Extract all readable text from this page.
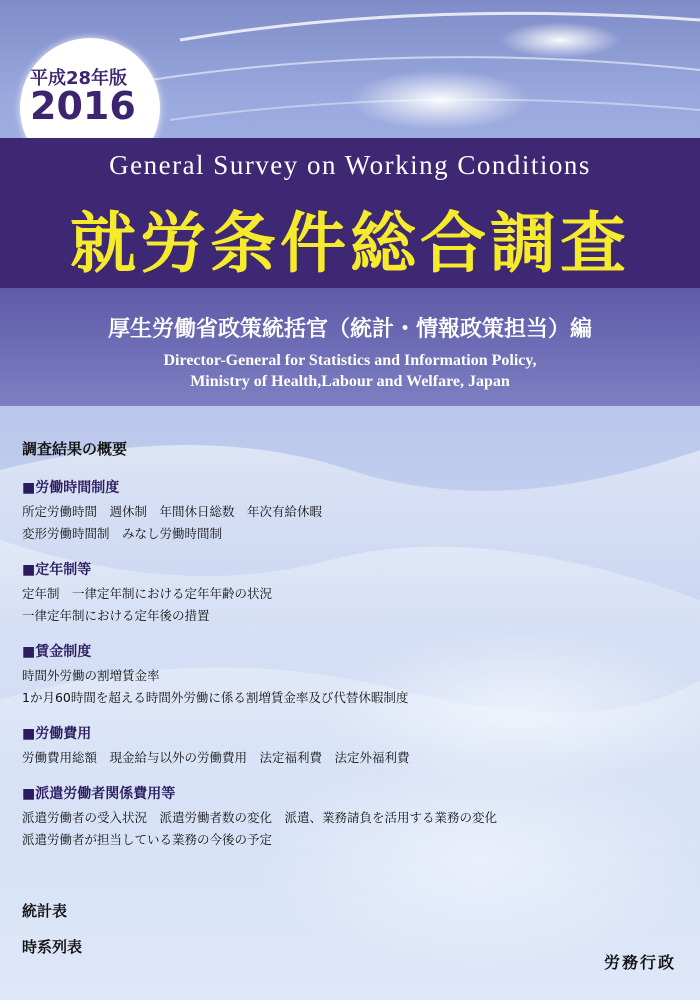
平成28年版
2016
General Survey on Working Conditions
就労条件総合調査
厚生労働省政策統括官（統計・情報政策担当）編
Director-General for Statistics and Information Policy,
Ministry of Health,Labour and Welfare, Japan
調査結果の概要
■労働時間制度
所定労働時間　週休制　年間休日総数　年次有給休暇
変形労働時間制　みなし労働時間制
■定年制等
定年制　一律定年制における定年年齢の状況
一律定年制における定年後の措置
■賃金制度
時間外労働の割増賃金率
1か月60時間を超える時間外労働に係る割増賃金率及び代替休暇制度
■労働費用
労働費用総額　現金給与以外の労働費用　法定福利費　法定外福利費
■派遣労働者関係費用等
派遣労働者の受入状況　派遣労働者数の変化　派遣、業務請負を活用する業務の変化
派遣労働者が担当している業務の今後の予定
統計表
時系列表
労務行政
